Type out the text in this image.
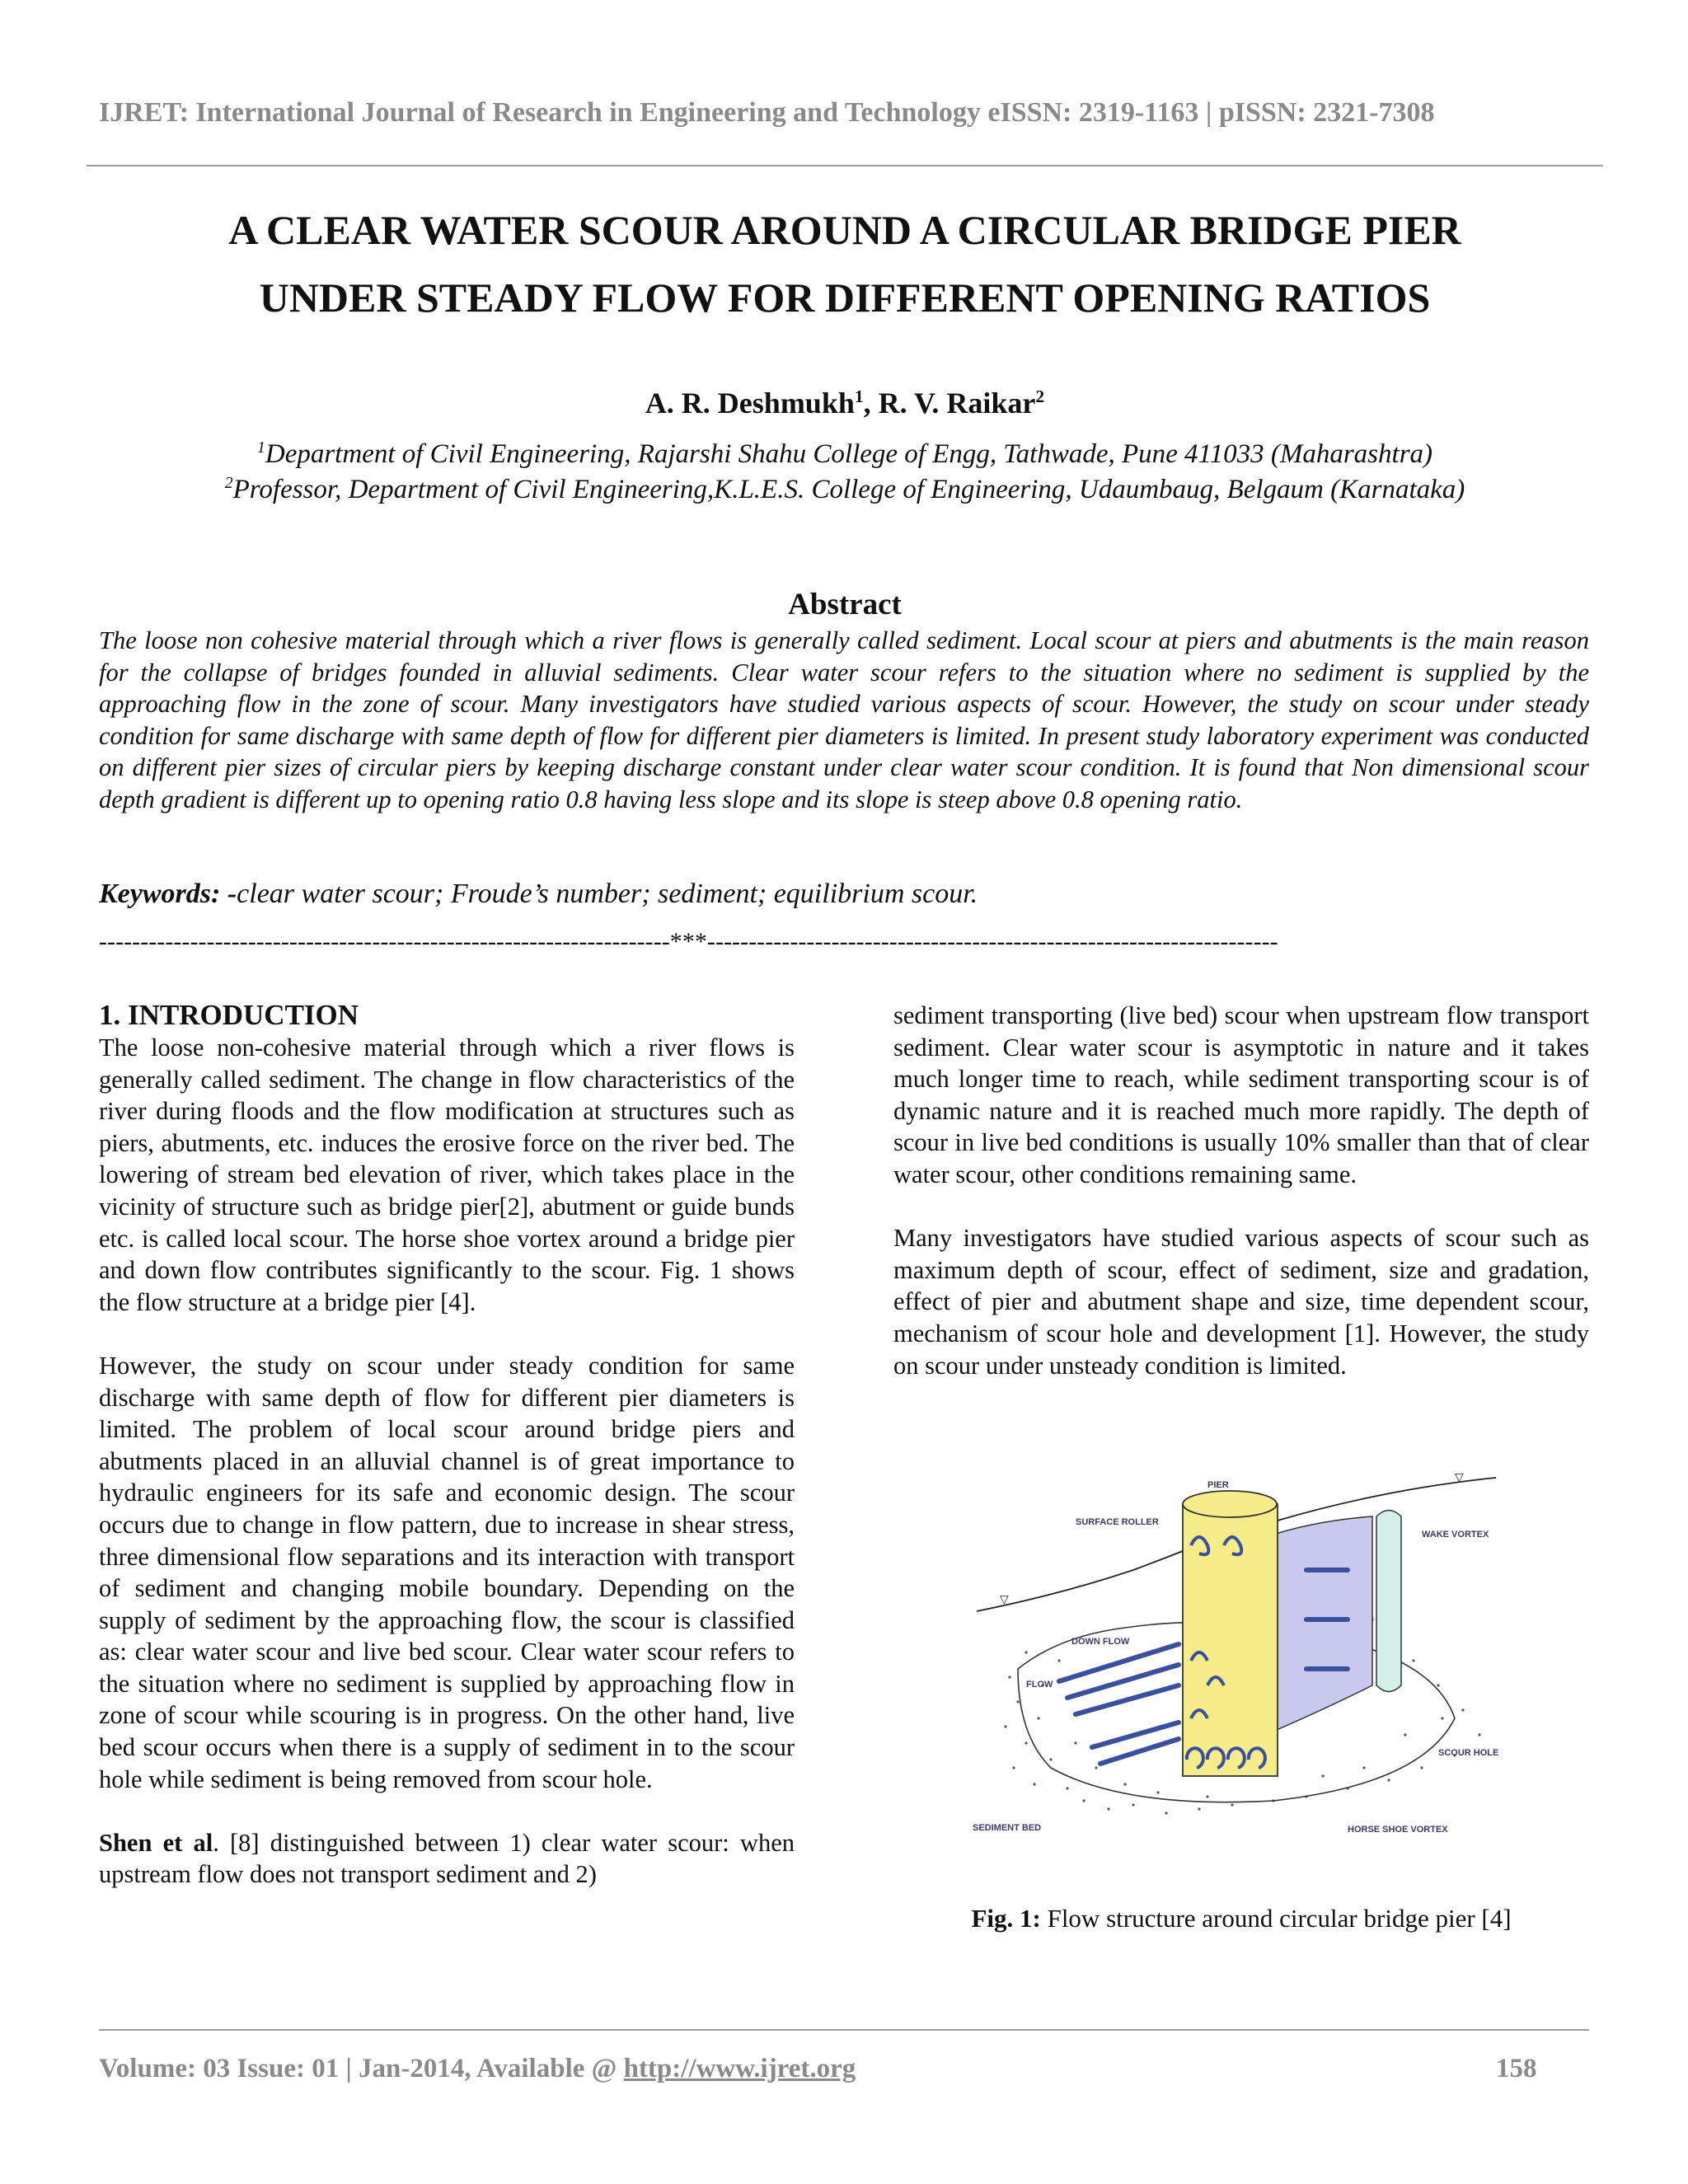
IJRET: International Journal of Research in Engineering and Technology eISSN: 2319-1163 | pISSN: 2321-7308
A CLEAR WATER SCOUR AROUND A CIRCULAR BRIDGE PIER
UNDER STEADY FLOW FOR DIFFERENT OPENING RATIOS
A. R. Deshmukh$^1$, R. V. Raikar$^2$
$^1$Department of Civil Engineering, Rajarshi Shahu College of Engg, Tathwade, Pune 411033 (Maharashtra)
$^2$Professor, Department of Civil Engineering,K.L.E.S. College of Engineering, Udaumbaug, Belgaum (Karnataka)
Abstract
The loose non cohesive material through which a river flows is generally called sediment. Local scour at piers and abutments is the main reason for the collapse of bridges founded in alluvial sediments. Clear water scour refers to the situation where no sediment is supplied by the approaching flow in the zone of scour. Many investigators have studied various aspects of scour. However, the study on scour under steady condition for same discharge with same depth of flow for different pier diameters is limited. In present study laboratory experiment was conducted on different pier sizes of circular piers by keeping discharge constant under clear water scour condition. It is found that Non dimensional scour depth gradient is different up to opening ratio 0.8 having less slope and its slope is steep above 0.8 opening ratio.
Keywords: -clear water scour; Froude’s number; sediment; equilibrium scour.
---------------------------------------------------------------------***---------------------------------------------------------------------
1. INTRODUCTION

The loose non-cohesive material through which a river flows is generally called sediment. The change in flow characteristics of the river during floods and the flow modification at structures such as piers, abutments, etc. induces the erosive force on the river bed. The lowering of stream bed elevation of river, which takes place in the vicinity of structure such as bridge pier[2], abutment or guide bunds etc. is called local scour. The horse shoe vortex around a bridge pier and down flow contributes significantly to the scour. Fig. 1 shows the flow structure at a bridge pier [4].

However, the study on scour under steady condition for same discharge with same depth of flow for different pier diameters is limited. The problem of local scour around bridge piers and abutments placed in an alluvial channel is of great importance to hydraulic engineers for its safe and economic design. The scour occurs due to change in flow pattern, due to increase in shear stress, three dimensional flow separations and its interaction with transport of sediment and changing mobile boundary. Depending on the supply of sediment by the approaching flow, the scour is classified as: clear water scour and live bed scour. Clear water scour refers to the situation where no sediment is supplied by approaching flow in zone of scour while scouring is in progress. On the other hand, live bed scour occurs when there is a supply of sediment in to the scour hole while sediment is being removed from scour hole.

Shen et al. [8] distinguished between 1) clear water scour: when upstream flow does not transport sediment and 2)

sediment transporting (live bed) scour when upstream flow transport sediment. Clear water scour is asymptotic in nature and it takes much longer time to reach, while sediment transporting scour is of dynamic nature and it is reached much more rapidly. The depth of scour in live bed conditions is usually 10% smaller than that of clear water scour, other conditions remaining same.

Many investigators have studied various aspects of scour such as maximum depth of scour, effect of sediment, size and gradation, effect of pier and abutment shape and size, time dependent scour, mechanism of scour hole and development [1]. However, the study on scour under unsteady condition is limited.

▽
▽
PIER
SURFACE ROLLER
WAKE VORTEX
DOWN FLOW
FLOW
SCOUR HOLE
SEDIMENT BED	HORSE SHOE VORTEX
Fig. 1: Flow structure around circular bridge pier [4]
Volume: 03 Issue: 01 | Jan-2014, Available @ http://www.ijret.org	158
